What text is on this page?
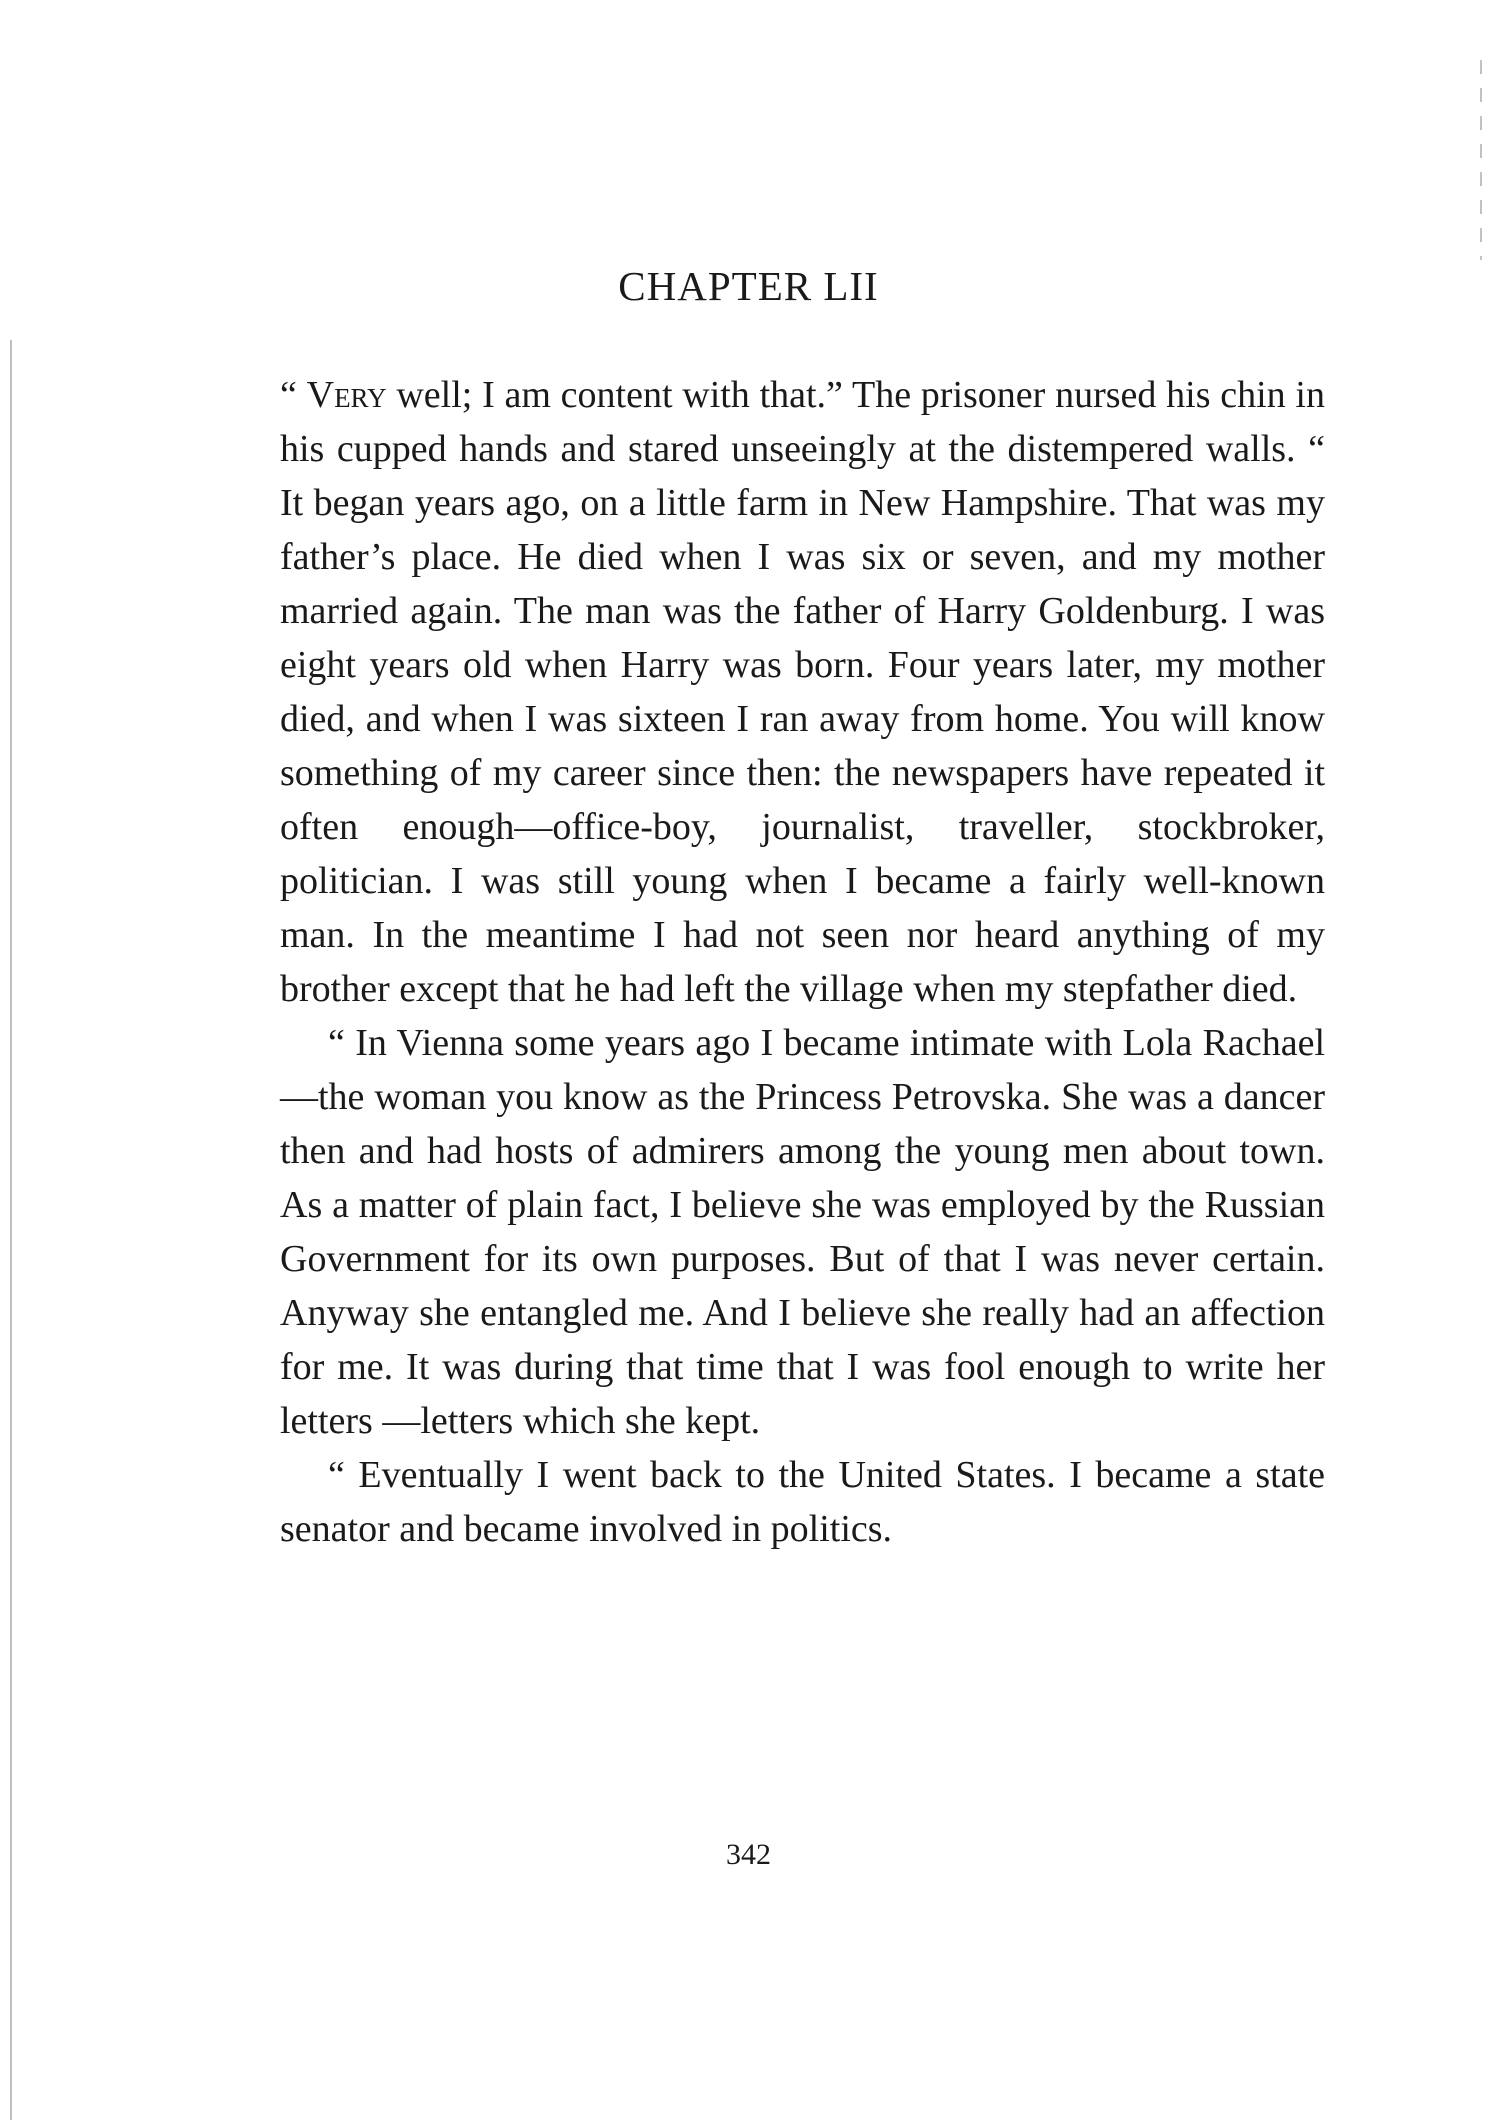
CHAPTER LII

“ Very well; I am content with that.” The prisoner nursed his chin in his cupped hands and stared unseeingly at the distempered walls. “ It began years ago, on a little farm in New Hampshire. That was my father’s place. He died when I was six or seven, and my mother married again. The man was the father of Harry Goldenburg. I was eight years old when Harry was born. Four years later, my mother died, and when I was sixteen I ran away from home. You will know something of my career since then: the newspapers have repeated it often enough—office-boy, journalist, traveller, stockbroker, politician. I was still young when I became a fairly well-known man. In the meantime I had not seen nor heard anything of my brother except that he had left the village when my stepfather died.

“ In Vienna some years ago I became intimate with Lola Rachael—the woman you know as the Princess Petrovska. She was a dancer then and had hosts of admirers among the young men about town. As a matter of plain fact, I believe she was employed by the Russian Government for its own purposes. But of that I was never certain. Anyway she entangled me. And I believe she really had an affection for me. It was during that time that I was fool enough to write her letters —letters which she kept.

“ Eventually I went back to the United States. I became a state senator and became involved in politics.

342
